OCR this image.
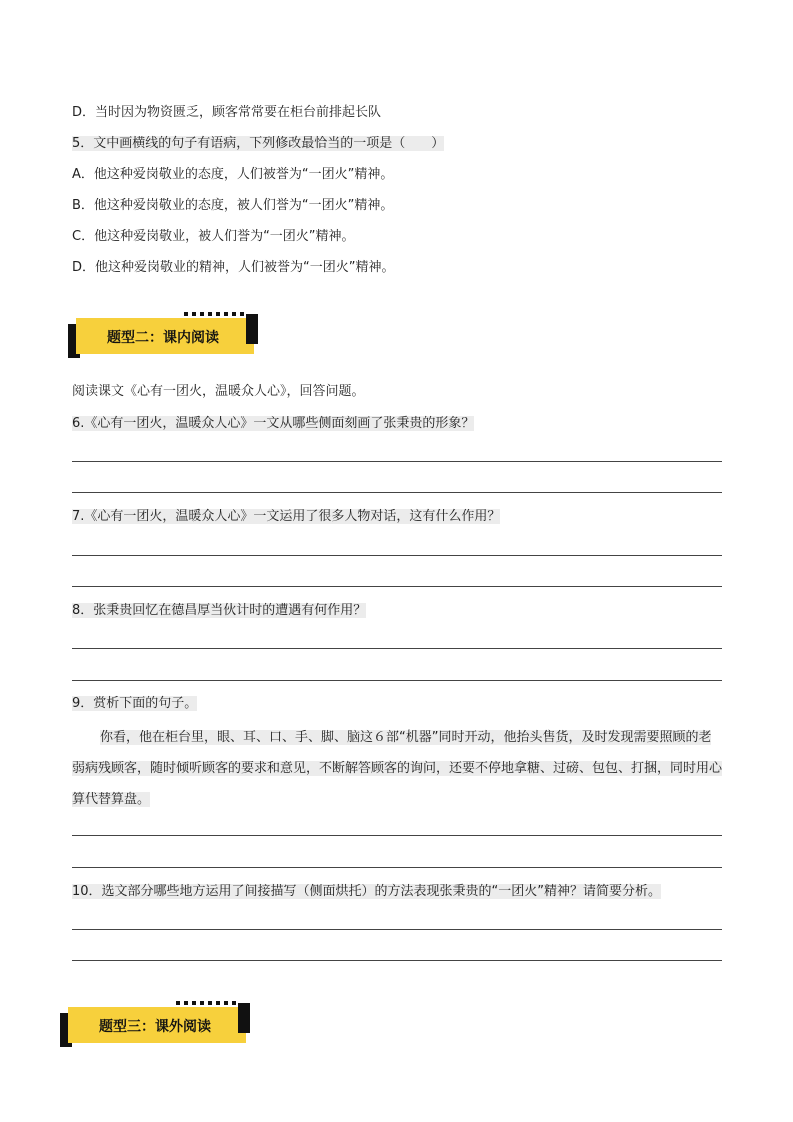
D．当时因为物资匮乏，顾客常常要在柜台前排起长队
5．文中画横线的句子有语病，下列修改最恰当的一项是（　　）
A．他这种爱岗敬业的态度，人们被誉为“一团火”精神。
B．他这种爱岗敬业的态度，被人们誉为“一团火”精神。
C．他这种爱岗敬业，被人们誉为“一团火”精神。
D．他这种爱岗敬业的精神，人们被誉为“一团火”精神。
题型二：课内阅读
阅读课文《心有一团火，温暖众人心》，回答问题。
6.《心有一团火，温暖众人心》一文从哪些侧面刻画了张秉贵的形象？
7.《心有一团火，温暖众人心》一文运用了很多人物对话，这有什么作用？
8．张秉贵回忆在德昌厚当伙计时的遭遇有何作用？
9．赏析下面的句子。
你看，他在柜台里，眼、耳、口、手、脚、脑这６部“机器”同时开动，他抬头售货，及时发现需要照顾的老弱病残顾客，随时倾听顾客的要求和意见，不断解答顾客的询问，还要不停地拿糖、过磅、包包、打捆，同时用心算代替算盘。
10．选文部分哪些地方运用了间接描写（侧面烘托）的方法表现张秉贵的“一团火”精神？请简要分析。
题型三：课外阅读
